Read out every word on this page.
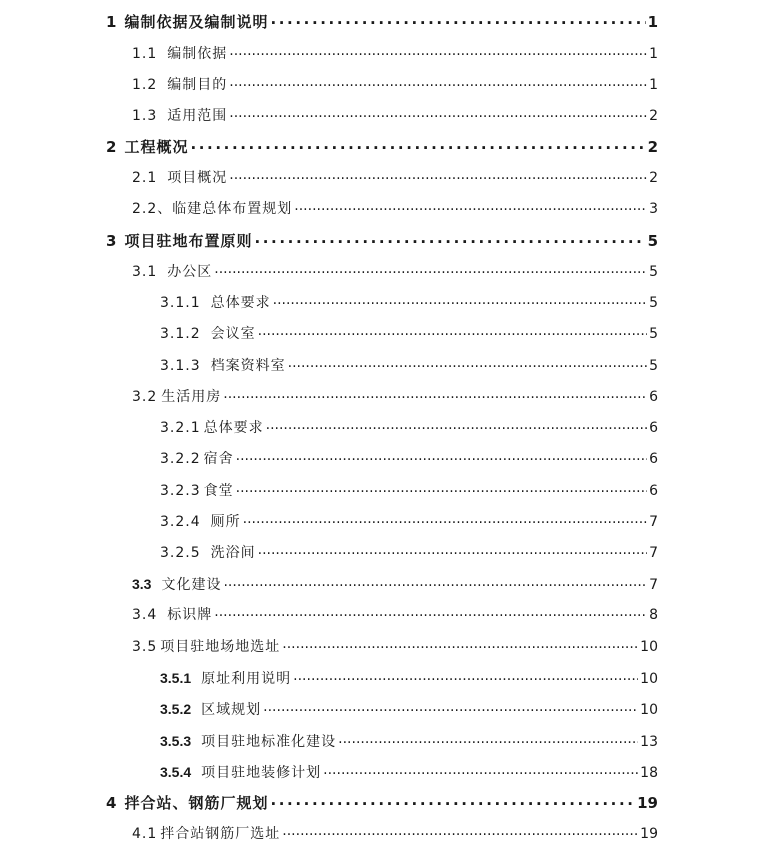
1 编制依据及编制说明 .....	1
1.1 编制依据 .....	1
1.2 编制目的 .....	1
1.3 适用范围 .....	2
2 工程概况 .....	2
2.1 项目概况 .....	2
2.2、临建总体布置规划 .....	3
3 项目驻地布置原则 .....	5
3.1 办公区 .....	5
3.1.1 总体要求 .....	5
3.1.2 会议室 .....	5
3.1.3 档案资料室 .....	5
3.2 生活用房 .....	6
3.2.1 总体要求 .....	6
3.2.2 宿舍 .....	6
3.2.3 食堂 .....	6
3.2.4 厕所 .....	7
3.2.5 洗浴间 .....	7
3.3 文化建设 .....	7
3.4 标识牌 .....	8
3.5 项目驻地场地选址 .....	10
3.5.1 原址利用说明 .....	10
3.5.2 区域规划 .....	10
3.5.3 项目驻地标准化建设 .....	13
3.5.4 项目驻地装修计划 .....	18
4 拌合站、钢筋厂规划 .....	19
4.1 拌合站钢筋厂选址 .....	19
